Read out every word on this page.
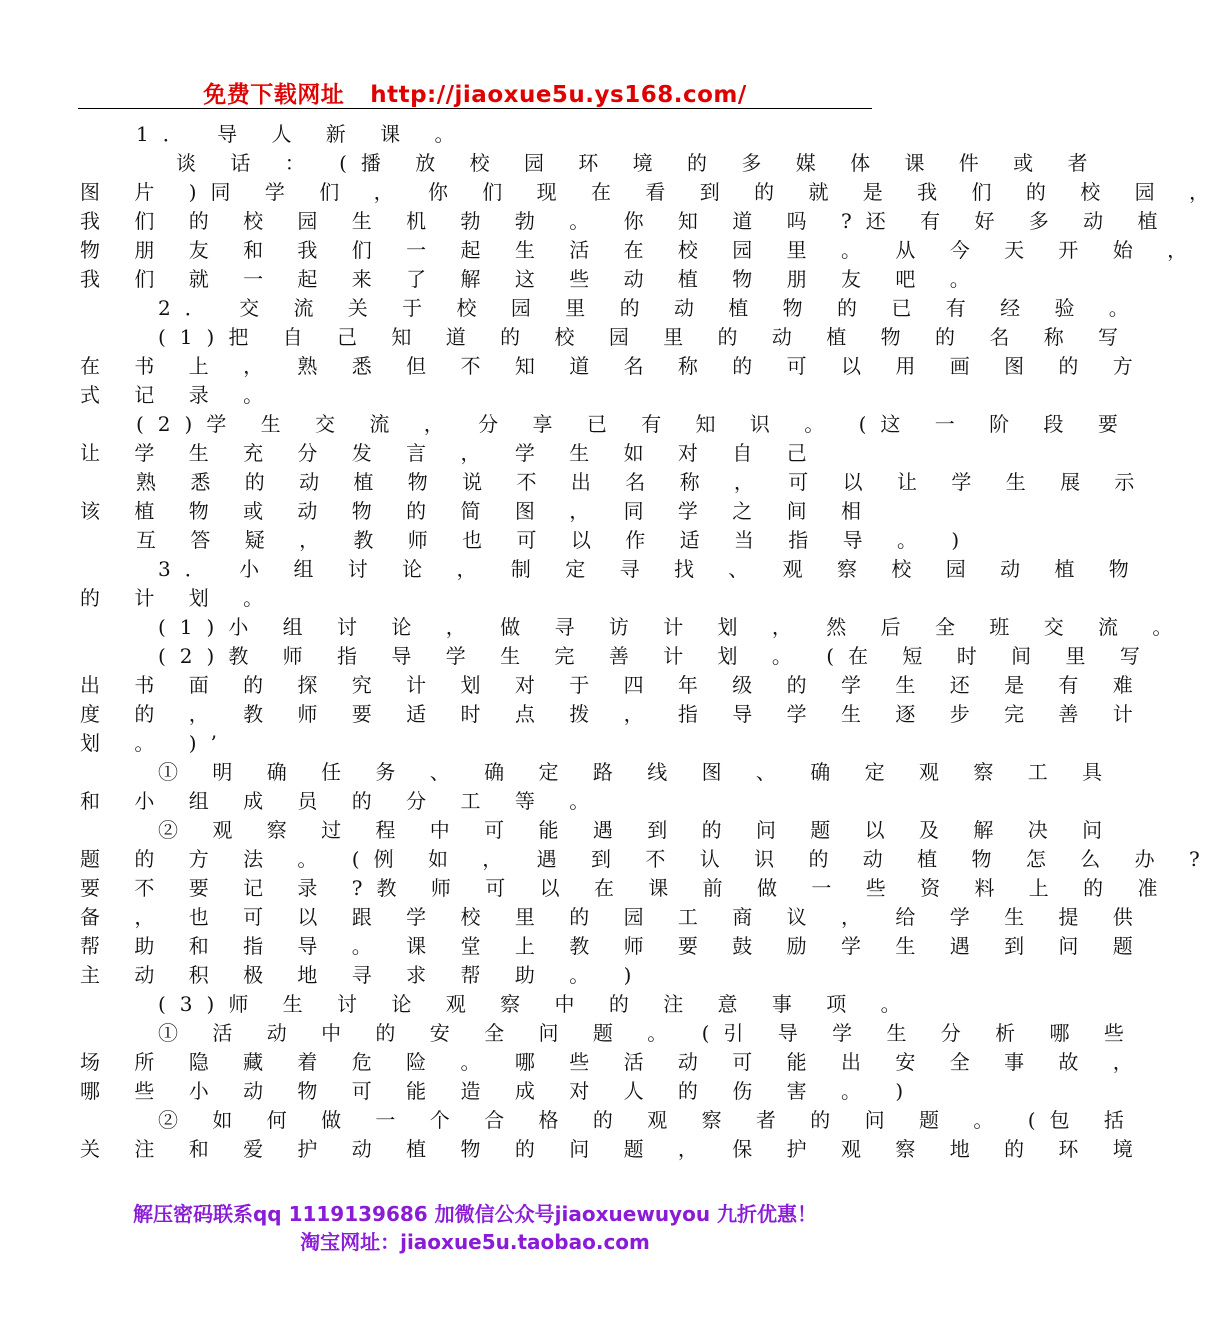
免费下载网址 http://jiaoxue5u.ys168.com/
1． 导 人 新 课 。
谈 话 ： (播 放 校 园 环 境 的 多 媒 体 课 件 或 者
图 片 )同 学 们 ， 你 们 现 在 看 到 的 就 是 我 们 的 校 园 ，
我 们 的 校 园 生 机 勃 勃 。 你 知 道 吗 ?还 有 好 多 动 植
物 朋 友 和 我 们 一 起 生 活 在 校 园 里 。 从 今 天 开 始 ，
我 们 就 一 起 来 了 解 这 些 动 植 物 朋 友 吧 。
2． 交 流 关 于 校 园 里 的 动 植 物 的 已 有 经 验 。
(1)把 自 己 知 道 的 校 园 里 的 动 植 物 的 名 称 写
在 书 上 ， 熟 悉 但 不 知 道 名 称 的 可 以 用 画 图 的 方
式 记 录 。
(2)学 生 交 流 ， 分 享 已 有 知 识 。 (这 一 阶 段 要
让 学 生 充 分 发 言 ， 学 生 如 对 自 己
熟 悉 的 动 植 物 说 不 出 名 称 ， 可 以 让 学 生 展 示
该 植 物 或 动 物 的 简 图 ， 同 学 之 间 相
互 答 疑 ， 教 师 也 可 以 作 适 当 指 导 。 )
3． 小 组 讨 论 ， 制 定 寻 找 、 观 察 校 园 动 植 物
的 计 划 。
(1)小 组 讨 论 ， 做 寻 访 计 划 ， 然 后 全 班 交 流 。
(2)教 师 指 导 学 生 完 善 计 划 。 (在 短 时 间 里 写
出 书 面 的 探 究 计 划 对 于 四 年 级 的 学 生 还 是 有 难
度 的 ， 教 师 要 适 时 点 拨 ， 指 导 学 生 逐 步 完 善 计
划 。 )’
① 明 确 任 务 、 确 定 路 线 图 、 确 定 观 察 工 具
和 小 组 成 员 的 分 工 等 。
② 观 察 过 程 中 可 能 遇 到 的 问 题 以 及 解 决 问
题 的 方 法 。 (例 如 ， 遇 到 不 认 识 的 动 植 物 怎 么 办 ?
要 不 要 记 录 ?教 师 可 以 在 课 前 做 一 些 资 料 上 的 准
备 ， 也 可 以 跟 学 校 里 的 园 工 商 议 ， 给 学 生 提 供
帮 助 和 指 导 。 课 堂 上 教 师 要 鼓 励 学 生 遇 到 问 题
主 动 积 极 地 寻 求 帮 助 。 )
(3)师 生 讨 论 观 察 中 的 注 意 事 项 。
① 活 动 中 的 安 全 问 题 。 (引 导 学 生 分 析 哪 些
场 所 隐 藏 着 危 险 。 哪 些 活 动 可 能 出 安 全 事 故 ，
哪 些 小 动 物 可 能 造 成 对 人 的 伤 害 。 )
② 如 何 做 一 个 合 格 的 观 察 者 的 问 题 。 (包 括
关 注 和 爱 护 动 植 物 的 问 题 ， 保 护 观 察 地 的 环 境
解压密码联系qq 1119139686 加微信公众号jiaoxuewuyou 九折优惠！
淘宝网址：jiaoxue5u.taobao.com
